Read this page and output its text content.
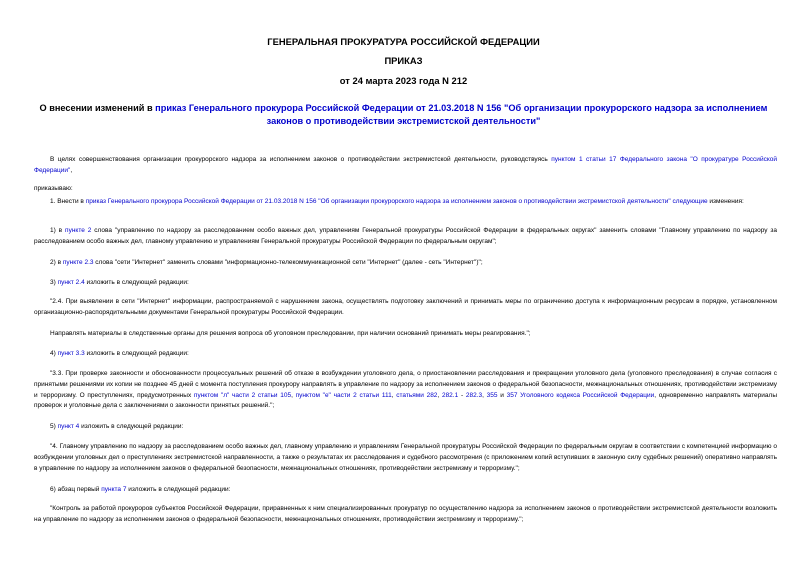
ГЕНЕРАЛЬНАЯ ПРОКУРАТУРА РОССИЙСКОЙ ФЕДЕРАЦИИ
ПРИКАЗ
от 24 марта 2023 года N 212
О внесении изменений в приказ Генерального прокурора Российской Федерации от 21.03.2018 N 156 "Об организации прокурорского надзора за исполнением законов о противодействии экстремистской деятельности"
В целях совершенствования организации прокурорского надзора за исполнением законов о противодействии экстремистской деятельности, руководствуясь пунктом 1 статьи 17 Федерального закона "О прокуратуре Российской Федерации",
приказываю:
1. Внести в приказ Генерального прокурора Российской Федерации от 21.03.2018 N 156 "Об организации прокурорского надзора за исполнением законов о противодействии экстремистской деятельности" следующие изменения:
1) в пункте 2 слова "управлению по надзору за расследованием особо важных дел, управлениям Генеральной прокуратуры Российской Федерации в федеральных округах" заменить словами "Главному управлению по надзору за расследованием особо важных дел, главному управлению и управлениям Генеральной прокуратуры Российской Федерации по федеральным округам";
2) в пункте 2.3 слова "сети "Интернет" заменить словами "информационно-телекоммуникационной сети "Интернет" (далее - сеть "Интернет")";
3) пункт 2.4 изложить в следующей редакции:
"2.4. При выявлении в сети "Интернет" информации, распространяемой с нарушением закона, осуществлять подготовку заключений и принимать меры по ограничению доступа к информационным ресурсам в порядке, установленном организационно-распорядительными документами Генеральной прокуратуры Российской Федерации.
Направлять материалы в следственные органы для решения вопроса об уголовном преследовании, при наличии оснований принимать меры реагирования.";
4) пункт 3.3 изложить в следующей редакции:
"3.3. При проверке законности и обоснованности процессуальных решений об отказе в возбуждении уголовного дела, о приостановлении расследования и прекращении уголовного дела (уголовного преследования) в случае согласия с принятыми решениями их копии не позднее 45 дней с момента поступления прокурору направлять в управление по надзору за исполнением законов о федеральной безопасности, межнациональных отношениях, противодействии экстремизму и терроризму. О преступлениях, предусмотренных пунктом "л" части 2 статьи 105, пунктом "е" части 2 статьи 111, статьями 282, 282.1 - 282.3, 355 и 357 Уголовного кодекса Российской Федерации, одновременно направлять материалы проверок и уголовные дела с заключениями о законности принятых решений.";
5) пункт 4 изложить в следующей редакции:
"4. Главному управлению по надзору за расследованием особо важных дел, главному управлению и управлениям Генеральной прокуратуры Российской Федерации по федеральным округам в соответствии с компетенцией информацию о возбуждении уголовных дел о преступлениях экстремистской направленности, а также о результатах их расследования и судебного рассмотрения (с приложением копий вступивших в законную силу судебных решений) оперативно направлять в управление по надзору за исполнением законов о федеральной безопасности, межнациональных отношениях, противодействии экстремизму и терроризму.";
6) абзац первый пункта 7 изложить в следующей редакции:
"Контроль за работой прокуроров субъектов Российской Федерации, приравненных к ним специализированных прокуратур по осуществлению надзора за исполнением законов о противодействии экстремистской деятельности возложить на управление по надзору за исполнением законов о федеральной безопасности, межнациональных отношениях, противодействии экстремизму и терроризму.";
